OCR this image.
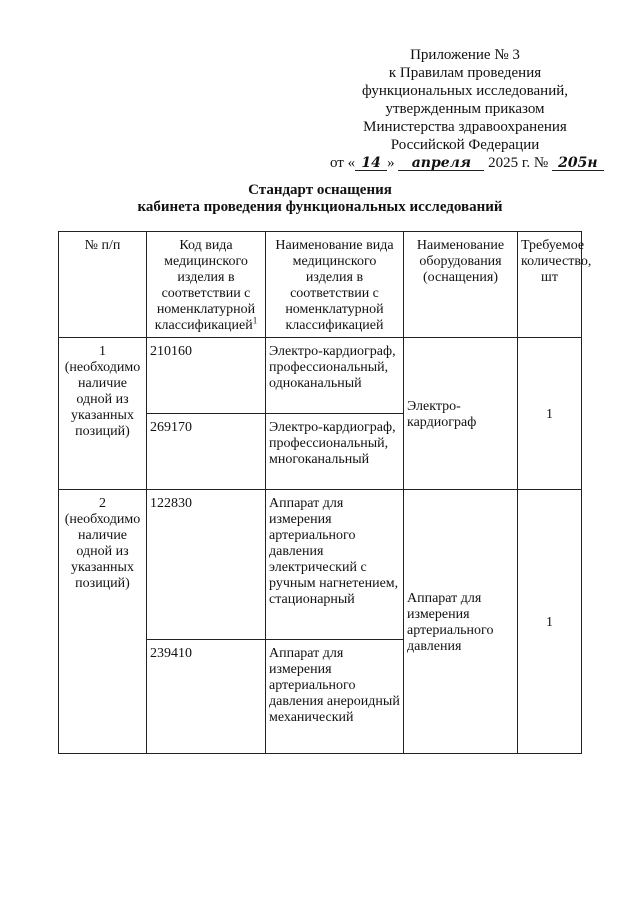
Приложение № 3
к Правилам проведения
функциональных исследований,
утвержденным приказом
Министерства здравоохранения
Российской Федерации
от « 14 » апреля 2025 г. № 205н
Стандарт оснащения
кабинета проведения функциональных исследований
№ п/п	Код вида медицинского изделия в соответствии с номенклатурной классификацией$^1$	Наименование вида медицинского изделия в соответствии с номенклатурной классификацией	Наименование оборудования (оснащения)	Требуемое количество, шт
1 (необходимо наличие одной из указанных позиций)	210160	Электро-кардиограф, профессиональный, одноканальный	Электро-кардиограф	1
	269170	Электро-кардиограф, профессиональный, многоканальный		
2 (необходимо наличие одной из указанных позиций)	122830	Аппарат для измерения артериального давления электрический с ручным нагнетением, стационарный	Аппарат для измерения артериального давления	1
	239410	Аппарат для измерения артериального давления анероидный механический		
